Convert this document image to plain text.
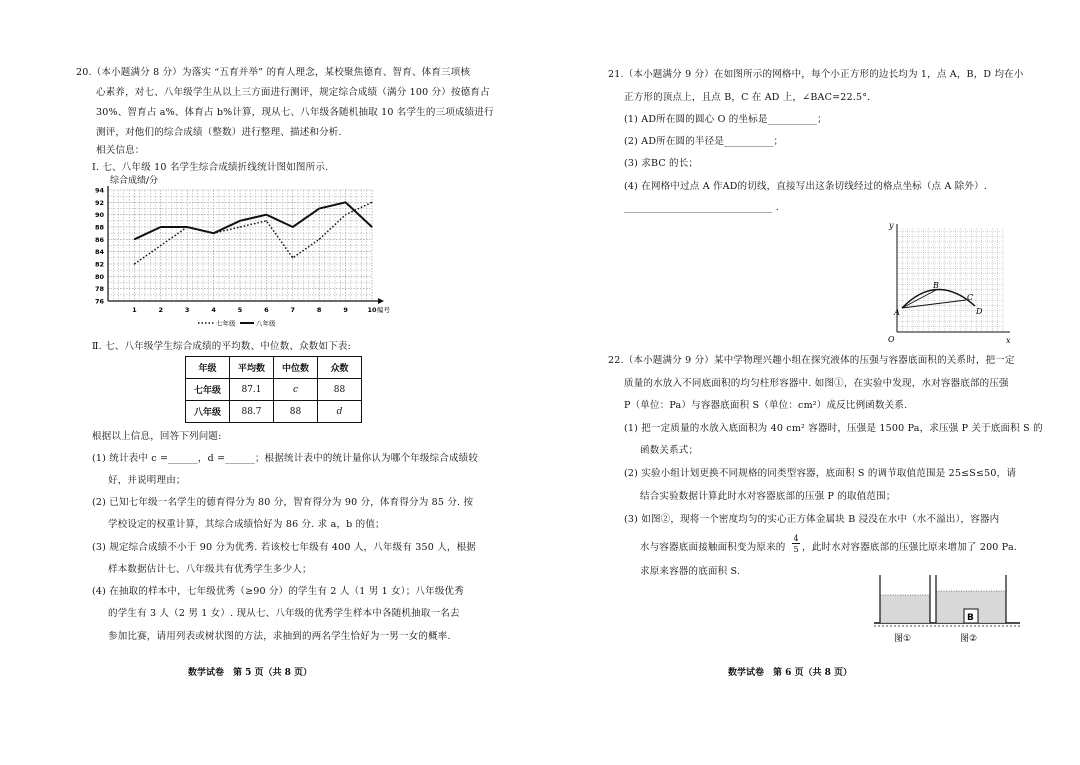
20.（本小题满分 8 分）为落实 “五育并举” 的育人理念，某校聚焦德育、智育、体育三项核
心素养，对七、八年级学生从以上三方面进行测评，规定综合成绩（满分 100 分）按德育占
30%、智育占 a%、体育占 b%计算，现从七、八年级各随机抽取 10 名学生的三项成绩进行
测评，对他们的综合成绩（整数）进行整理、描述和分析.
相关信息：
Ⅰ. 七、八年级 10 名学生综合成绩折线统计图如图所示.
综合成绩/分
76
78
80
82
84
86
88
90
92
94
1	2	3	4	5	6	7	8	9	10 编号
七年级	八年级
Ⅱ. 七、八年级学生综合成绩的平均数、中位数、众数如下表:
年级	平均数	中位数	众数
七年级	87.1	c	88
八年级	88.7	88	d
根据以上信息，回答下列问题:
(1) 统计表中 c =______，d =______；根据统计表中的统计量你认为哪个年级综合成绩较
好，并说明理由；
(2) 已知七年级一名学生的德育得分为 80 分，智育得分为 90 分，体育得分为 85 分. 按
学校设定的权重计算，其综合成绩恰好为 86 分. 求 a，b 的值；
(3) 规定综合成绩不小于 90 分为优秀. 若该校七年级有 400 人，八年级有 350 人，根据
样本数据估计七、八年级共有优秀学生多少人；
(4) 在抽取的样本中，七年级优秀（≥90 分）的学生有 2 人（1 男 1 女）；八年级优秀
的学生有 3 人（2 男 1 女）. 现从七、八年级的优秀学生样本中各随机抽取一名去
参加比赛，请用列表或树状图的方法，求抽到的两名学生恰好为一男一女的概率.
数学试卷　第 5 页（共 8 页）
21.（本小题满分 9 分）在如图所示的网格中，每个小正方形的边长均为 1，点 A，B，D 均在小
正方形的顶点上，且点 B，C 在 AD 上，∠BAC=22.5°.
(1) AD所在圆的圆心 O 的坐标是__________；
(2) AD所在圆的半径是__________；
(3) 求BC 的长；
(4) 在网格中过点 A 作AD的切线，直接写出这条切线经过的格点坐标（点 A 除外）.
______________________________ .
y
x
O
A
B
C
D
22.（本小题满分 9 分）某中学物理兴趣小组在探究液体的压强与容器底面积的关系时，把一定
质量的水放入不同底面积的均匀柱形容器中. 如图①，在实验中发现，水对容器底部的压强
P（单位：Pa）与容器底面积 S（单位：cm²）成反比例函数关系.
(1) 把一定质量的水放入底面积为 40 cm² 容器时，压强是 1500 Pa，求压强 P 关于底面积 S 的
函数关系式；
(2) 实验小组计划更换不同规格的同类型容器，底面积 S 的调节取值范围是 25≤S≤50，请
结合实验数据计算此时水对容器底部的压强 P 的取值范围；
(3) 如图②，现将一个密度均匀的实心正方体金属块 B 浸没在水中（水不溢出），容器内
水与容器底面接触面积变为原来的
4
5 ，此时水对容器底部的压强比原来增加了 200 Pa.
求原来容器的底面积 S.
B
图①	图②
数学试卷　第 6 页（共 8 页）
